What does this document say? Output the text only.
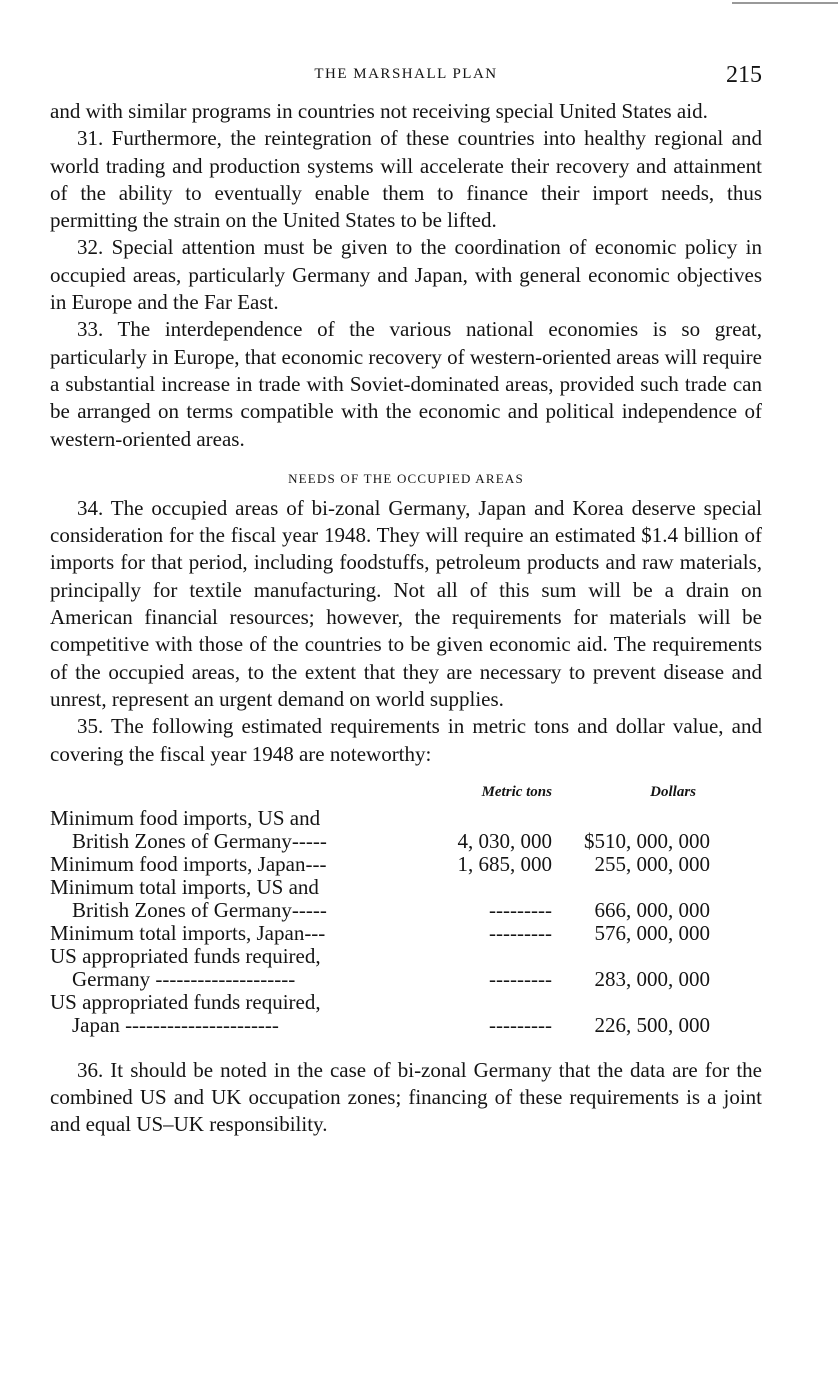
THE MARSHALL PLAN	215

and with similar programs in countries not receiving special United States aid.

31. Furthermore, the reintegration of these countries into healthy regional and world trading and production systems will accelerate their recovery and attainment of the ability to eventually enable them to finance their import needs, thus permitting the strain on the United States to be lifted.

32. Special attention must be given to the coordination of economic policy in occupied areas, particularly Germany and Japan, with general economic objectives in Europe and the Far East.

33. The interdependence of the various national economies is so great, particularly in Europe, that economic recovery of western-oriented areas will require a substantial increase in trade with Soviet-dominated areas, provided such trade can be arranged on terms compatible with the economic and political independence of western-oriented areas.

NEEDS OF THE OCCUPIED AREAS

34. The occupied areas of bi-zonal Germany, Japan and Korea deserve special consideration for the fiscal year 1948. They will require an estimated $1.4 billion of imports for that period, including foodstuffs, petroleum products and raw materials, principally for textile manufacturing. Not all of this sum will be a drain on American financial resources; however, the requirements for materials will be competitive with those of the countries to be given economic aid. The requirements of the occupied areas, to the extent that they are necessary to prevent disease and unrest, represent an urgent demand on world supplies.

35. The following estimated requirements in metric tons and dollar value, and covering the fiscal year 1948 are noteworthy:

	Metric tons	Dollars

Minimum food imports, US and
British Zones of Germany-----	4, 030, 000	$510, 000, 000

Minimum food imports, Japan---	1, 685, 000	255, 000, 000

Minimum total imports, US and
British Zones of Germany-----	---------	666, 000, 000

Minimum total imports, Japan---	---------	576, 000, 000

US appropriated funds required,
Germany --------------------	---------	283, 000, 000

US appropriated funds required,
Japan ----------------------	---------	226, 500, 000

36. It should be noted in the case of bi-zonal Germany that the data are for the combined US and UK occupation zones; financing of these requirements is a joint and equal US–UK responsibility.
